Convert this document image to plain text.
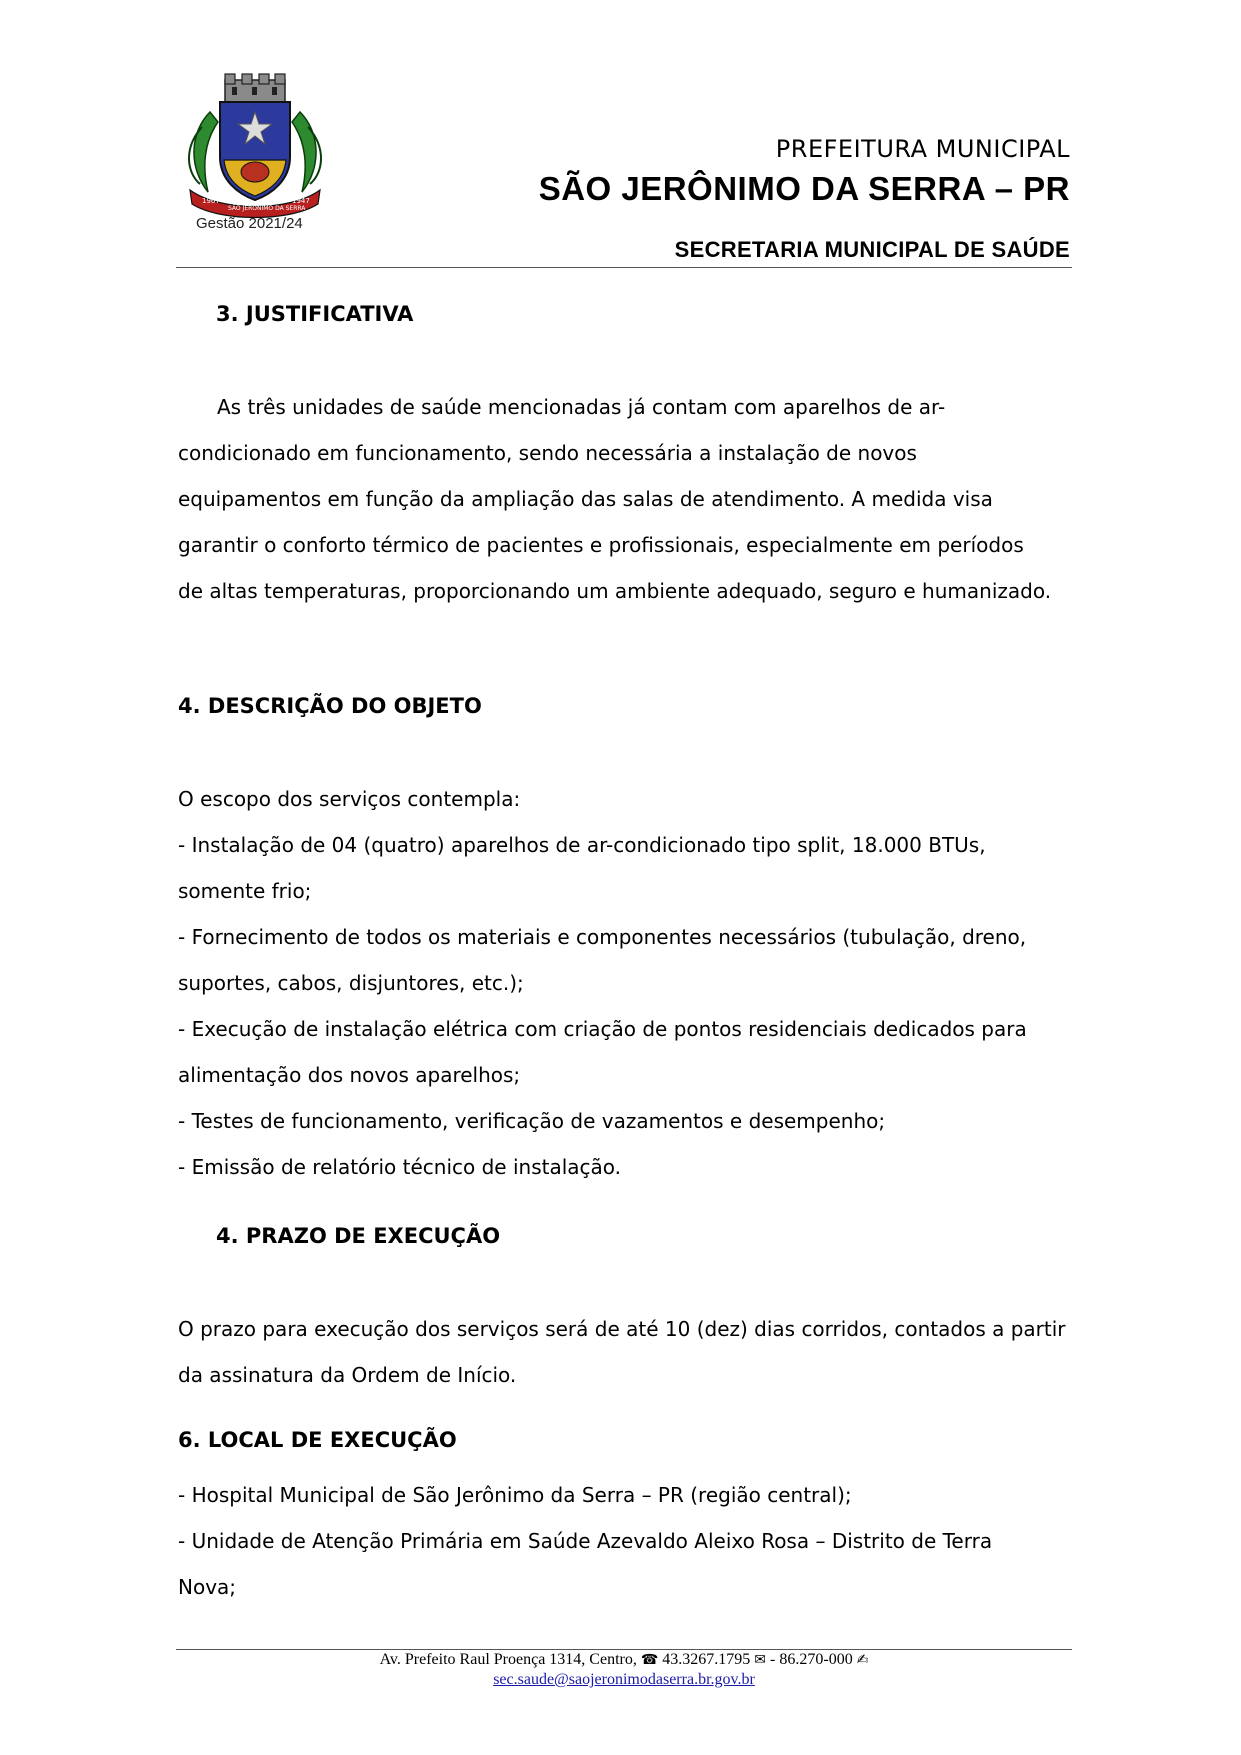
1967
SÃO JERÔNIMO DA SERRA
1947
Gestão 2021/24
PREFEITURA MUNICIPAL
SÃO JERÔNIMO DA SERRA – PR
SECRETARIA MUNICIPAL DE SAÚDE
3. JUSTIFICATIVA
As três unidades de saúde mencionadas já contam com aparelhos de ar-
condicionado em funcionamento, sendo necessária a instalação de novos
equipamentos em função da ampliação das salas de atendimento. A medida visa
garantir o conforto térmico de pacientes e profissionais, especialmente em períodos
de altas temperaturas, proporcionando um ambiente adequado, seguro e humanizado.
4. DESCRIÇÃO DO OBJETO
O escopo dos serviços contempla:
- Instalação de 04 (quatro) aparelhos de ar-condicionado tipo split, 18.000 BTUs,
somente frio;
- Fornecimento de todos os materiais e componentes necessários (tubulação, dreno,
suportes, cabos, disjuntores, etc.);
- Execução de instalação elétrica com criação de pontos residenciais dedicados para
alimentação dos novos aparelhos;
- Testes de funcionamento, verificação de vazamentos e desempenho;
- Emissão de relatório técnico de instalação.
4. PRAZO DE EXECUÇÃO
O prazo para execução dos serviços será de até 10 (dez) dias corridos, contados a partir
da assinatura da Ordem de Início.
6. LOCAL DE EXECUÇÃO
- Hospital Municipal de São Jerônimo da Serra – PR (região central);
- Unidade de Atenção Primária em Saúde Azevaldo Aleixo Rosa – Distrito de Terra
Nova;
Av. Prefeito Raul Proença 1314, Centro, ☎ 43.3267.1795 ✉ - 86.270-000 ✍
sec.saude@saojeronimodaserra.br.gov.br
